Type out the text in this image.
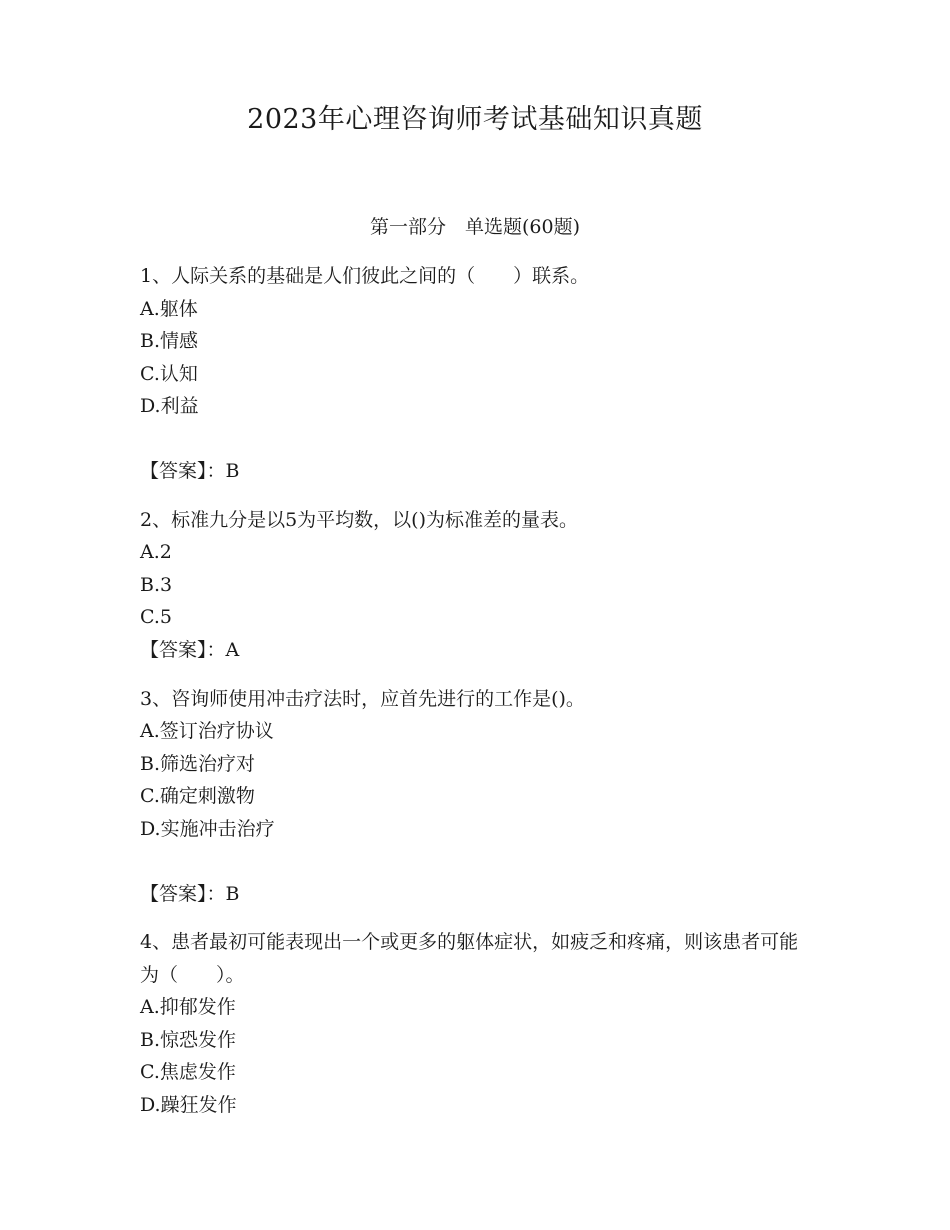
2023年心理咨询师考试基础知识真题
第一部分　单选题(60题)
1、人际关系的基础是人们彼此之间的（　　）联系。
A.躯体
B.情感
C.认知
D.利益
【答案】：B
2、标准九分是以5为平均数，以()为标准差的量表。
A.2
B.3
C.5
【答案】：A
3、咨询师使用冲击疗法时，应首先进行的工作是()。
A.签订治疗协议
B.筛选治疗对
C.确定刺激物
D.实施冲击治疗
【答案】：B
4、患者最初可能表现出一个或更多的躯体症状，如疲乏和疼痛，则该患者可能为（　　）。
A.抑郁发作
B.惊恐发作
C.焦虑发作
D.躁狂发作
